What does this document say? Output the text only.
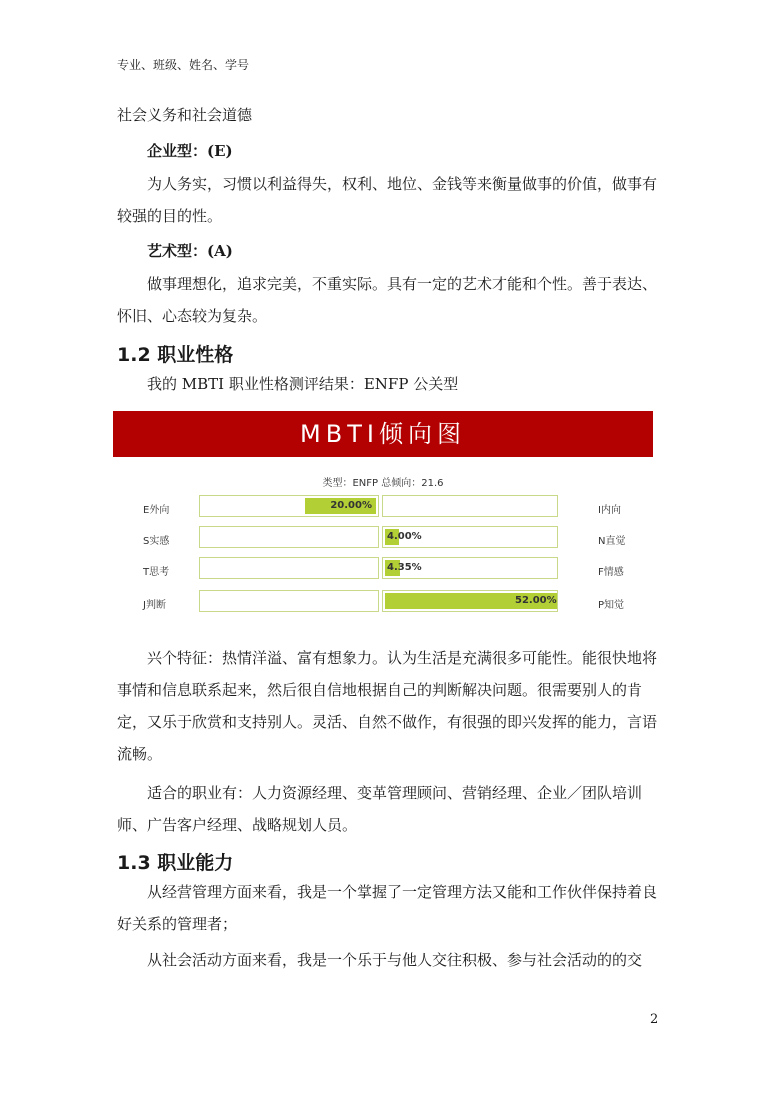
专业、班级、姓名、学号

社会义务和社会道德

企业型：(E)

为人务实，习惯以利益得失，权利、地位、金钱等来衡量做事的价值，做事有较强的目的性。

艺术型：(A)

做事理想化，追求完美，不重实际。具有一定的艺术才能和个性。善于表达、怀旧、心态较为复杂。

1.2 职业性格

我的 MBTI 职业性格测评结果：ENFP 公关型

MBTI倾向图
类型：ENFP 总倾向：21.6
E外向	20.00%	I内向
S实感	4.00%	N直觉
T思考	4.35%	F情感
J判断	52.00%	P知觉

兴个特征：热情洋溢、富有想象力。认为生活是充满很多可能性。能很快地将事情和信息联系起来，然后很自信地根据自己的判断解决问题。很需要别人的肯定，又乐于欣赏和支持别人。灵活、自然不做作，有很强的即兴发挥的能力，言语流畅。

适合的职业有：人力资源经理、变革管理顾问、营销经理、企业／团队培训师、广告客户经理、战略规划人员。

1.3 职业能力

从经营管理方面来看，我是一个掌握了一定管理方法又能和工作伙伴保持着良好关系的管理者；

从社会活动方面来看，我是一个乐于与他人交往积极、参与社会活动的的交

2
